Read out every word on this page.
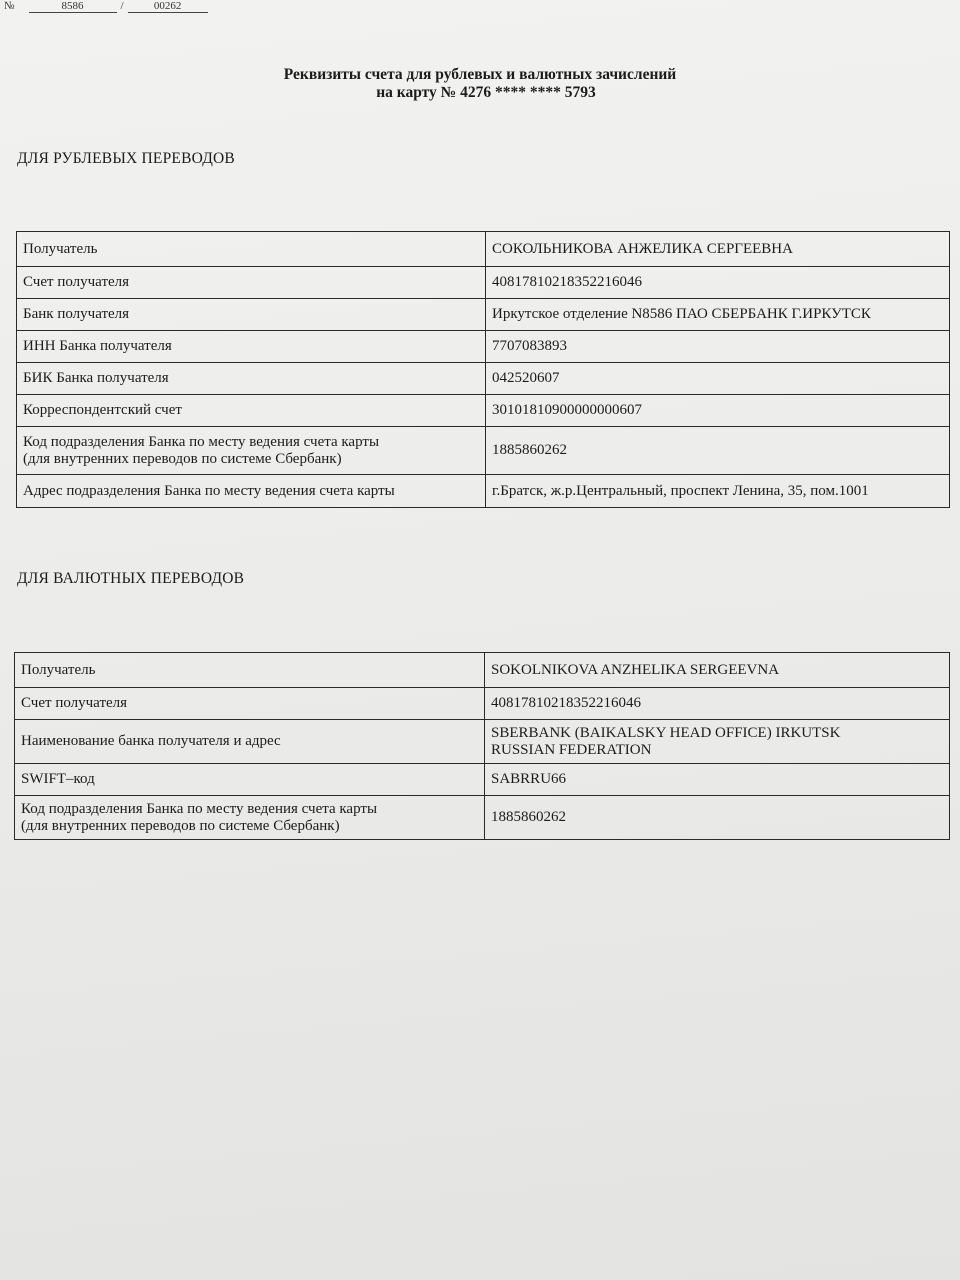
№	8586	/	00262
Реквизиты счета для рублевых и валютных зачислений
на карту № 4276 **** **** 5793
ДЛЯ РУБЛЕВЫХ ПЕРЕВОДОВ
Получатель	СОКОЛЬНИКОВА АНЖЕЛИКА СЕРГЕЕВНА
Счет получателя	40817810218352216046
Банк получателя	Иркутское отделение N8586 ПАО СБЕРБАНК Г.ИРКУТСК
ИНН Банка получателя	7707083893
БИК Банка получателя	042520607
Корреспондентский счет	30101810900000000607

Код подразделения Банка по месту ведения счета карты
(для внутренних переводов по системе Сбербанк)	1885860262
Адрес подразделения Банка по месту ведения счета карты	г.Братск, ж.р.Центральный, проспект Ленина, 35, пом.1001
ДЛЯ ВАЛЮТНЫХ ПЕРЕВОДОВ
Получатель	SOKOLNIKOVA ANZHELIKA SERGEEVNA
Счет получателя	40817810218352216046
Наименование банка получателя и адрес	SBERBANK (BAIKALSKY HEAD OFFICE) IRKUTSK
RUSSIAN FEDERATION

SWIFT–код	SABRRU66

Код подразделения Банка по месту ведения счета карты
(для внутренних переводов по системе Сбербанк)	1885860262
